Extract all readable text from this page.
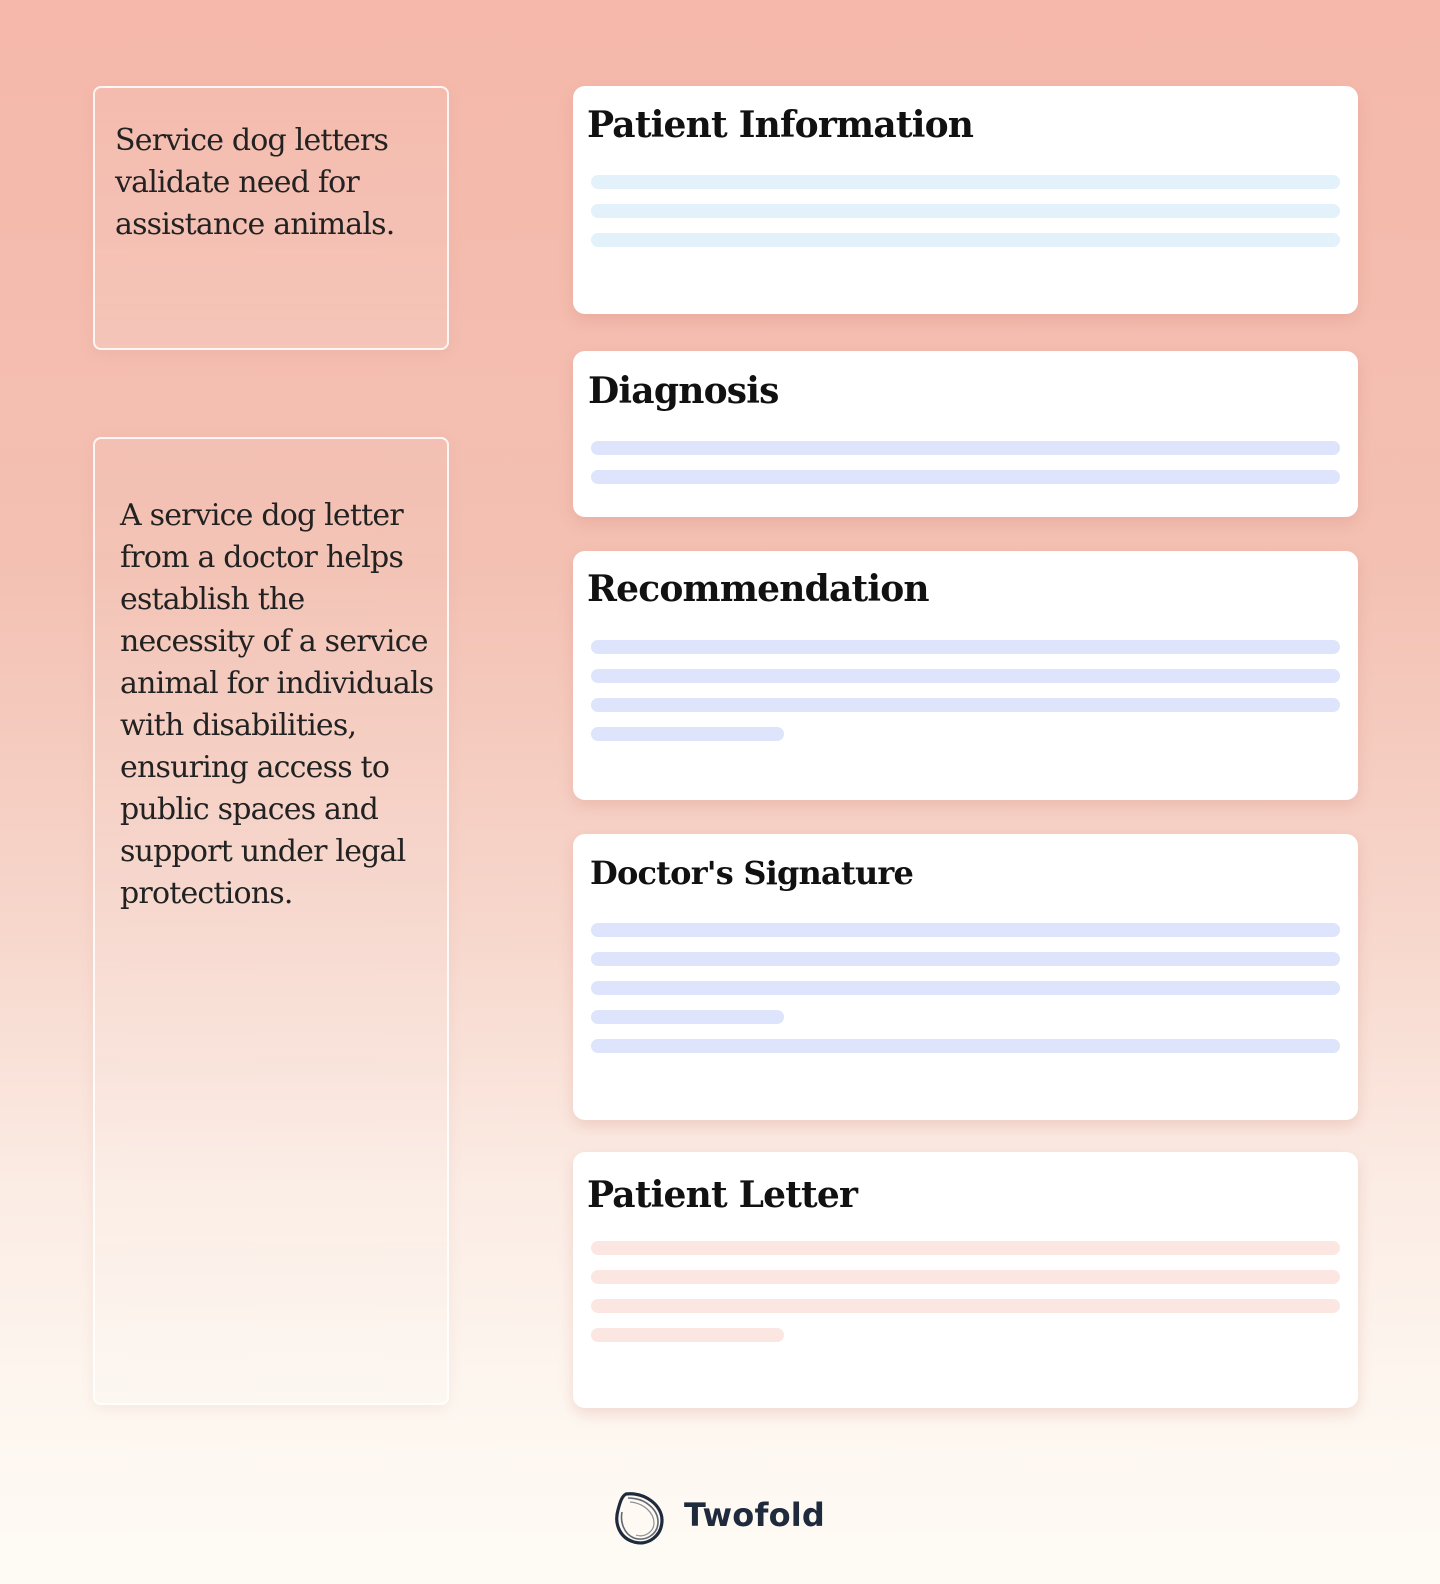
Service dog letters validate need for assistance animals.
A service dog letter from a doctor helps establish the necessity of a service animal for individuals with disabilities, ensuring access to public spaces and support under legal protections.
Patient Information
Diagnosis
Recommendation
Doctor's Signature
Patient Letter
Twofold
